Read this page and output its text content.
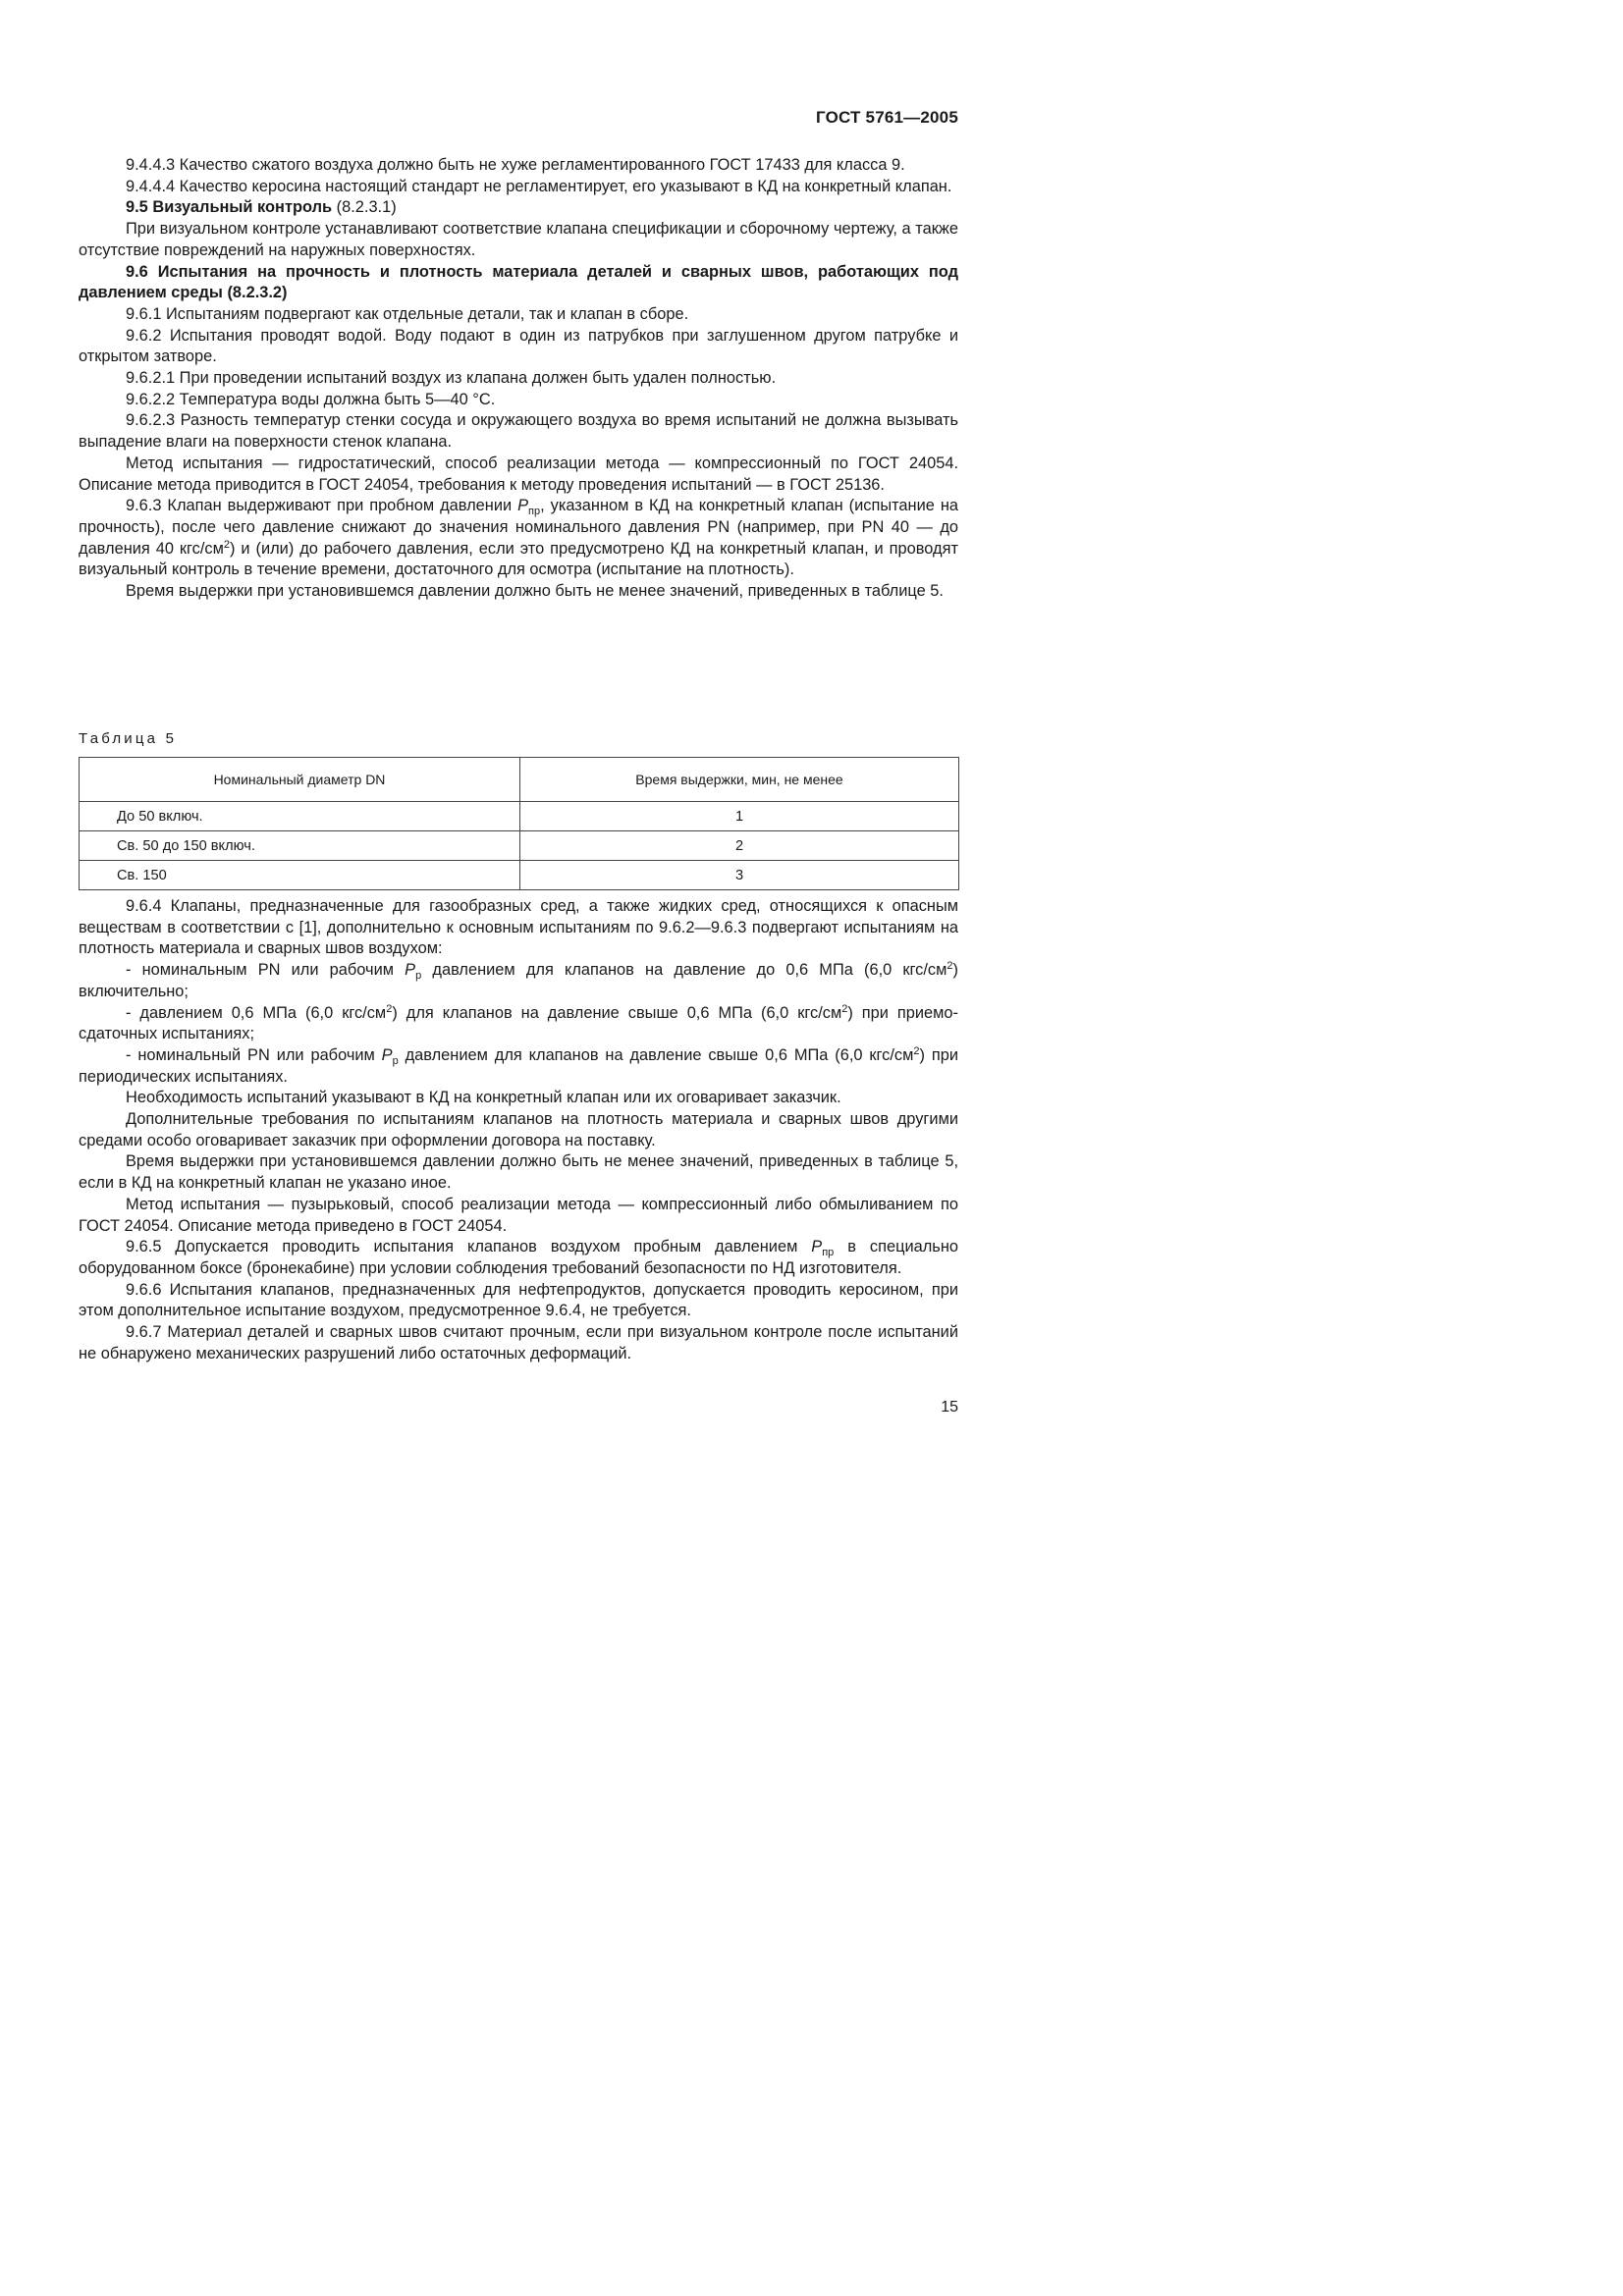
ГОСТ 5761—2005

9.4.4.3 Качество сжатого воздуха должно быть не хуже регламентированного ГОСТ 17433 для класса 9.

9.4.4.4 Качество керосина настоящий стандарт не регламентирует, его указывают в КД на конкретный клапан.

9.5 Визуальный контроль (8.2.3.1)

При визуальном контроле устанавливают соответствие клапана спецификации и сборочному чертежу, а также отсутствие повреждений на наружных поверхностях.

9.6 Испытания на прочность и плотность материала деталей и сварных швов, работающих под давлением среды (8.2.3.2)

9.6.1 Испытаниям подвергают как отдельные детали, так и клапан в сборе.

9.6.2 Испытания проводят водой. Воду подают в один из патрубков при заглушенном другом патрубке и открытом затворе.

9.6.2.1 При проведении испытаний воздух из клапана должен быть удален полностью.

9.6.2.2 Температура воды должна быть 5—40 °С.

9.6.2.3 Разность температур стенки сосуда и окружающего воздуха во время испытаний не должна вызывать выпадение влаги на поверхности стенок клапана.

Метод испытания — гидростатический, способ реализации метода — компрессионный по ГОСТ 24054. Описание метода приводится в ГОСТ 24054, требования к методу проведения испытаний — в ГОСТ 25136.

9.6.3 Клапан выдерживают при пробном давлении $P_{пр}$, указанном в КД на конкретный клапан (испытание на прочность), после чего давление снижают до значения номинального давления PN (например, при PN 40 — до давления 40 кгс/$см^2$) и (или) до рабочего давления, если это предусмотрено КД на конкретный клапан, и проводят визуальный контроль в течение времени, достаточного для осмотра (испытание на плотность).

Время выдержки при установившемся давлении должно быть не менее значений, приведенных в таблице 5.

Таблица 5
Номинальный диаметр DN	Время выдержки, мин, не менее
До 50 включ.	1
Св. 50 до 150 включ.	2
Св. 150	3

9.6.4 Клапаны, предназначенные для газообразных сред, а также жидких сред, относящихся к опасным веществам в соответствии с [1], дополнительно к основным испытаниям по 9.6.2—9.6.3 подвергают испытаниям на плотность материала и сварных швов воздухом:

- номинальным PN или рабочим $P_р$ давлением для клапанов на давление до 0,6 МПа (6,0 кгс/$см^2$) включительно;

- давлением 0,6 МПа (6,0 кгс/$см^2$) для клапанов на давление свыше 0,6 МПа (6,0 кгс/$см^2$) при приемо-сдаточных испытаниях;

- номинальный PN или рабочим $P_р$ давлением для клапанов на давление свыше 0,6 МПа (6,0 кгс/$см^2$) при периодических испытаниях.

Необходимость испытаний указывают в КД на конкретный клапан или их оговаривает заказчик.

Дополнительные требования по испытаниям клапанов на плотность материала и сварных швов другими средами особо оговаривает заказчик при оформлении договора на поставку.

Время выдержки при установившемся давлении должно быть не менее значений, приведенных в таблице 5, если в КД на конкретный клапан не указано иное.

Метод испытания — пузырьковый, способ реализации метода — компрессионный либо обмыливанием по ГОСТ 24054. Описание метода приведено в ГОСТ 24054.

9.6.5 Допускается проводить испытания клапанов воздухом пробным давлением $P_{пр}$ в специально оборудованном боксе (бронекабине) при условии соблюдения требований безопасности по НД изготовителя.

9.6.6 Испытания клапанов, предназначенных для нефтепродуктов, допускается проводить керосином, при этом дополнительное испытание воздухом, предусмотренное 9.6.4, не требуется.

9.6.7 Материал деталей и сварных швов считают прочным, если при визуальном контроле после испытаний не обнаружено механических разрушений либо остаточных деформаций.

15
